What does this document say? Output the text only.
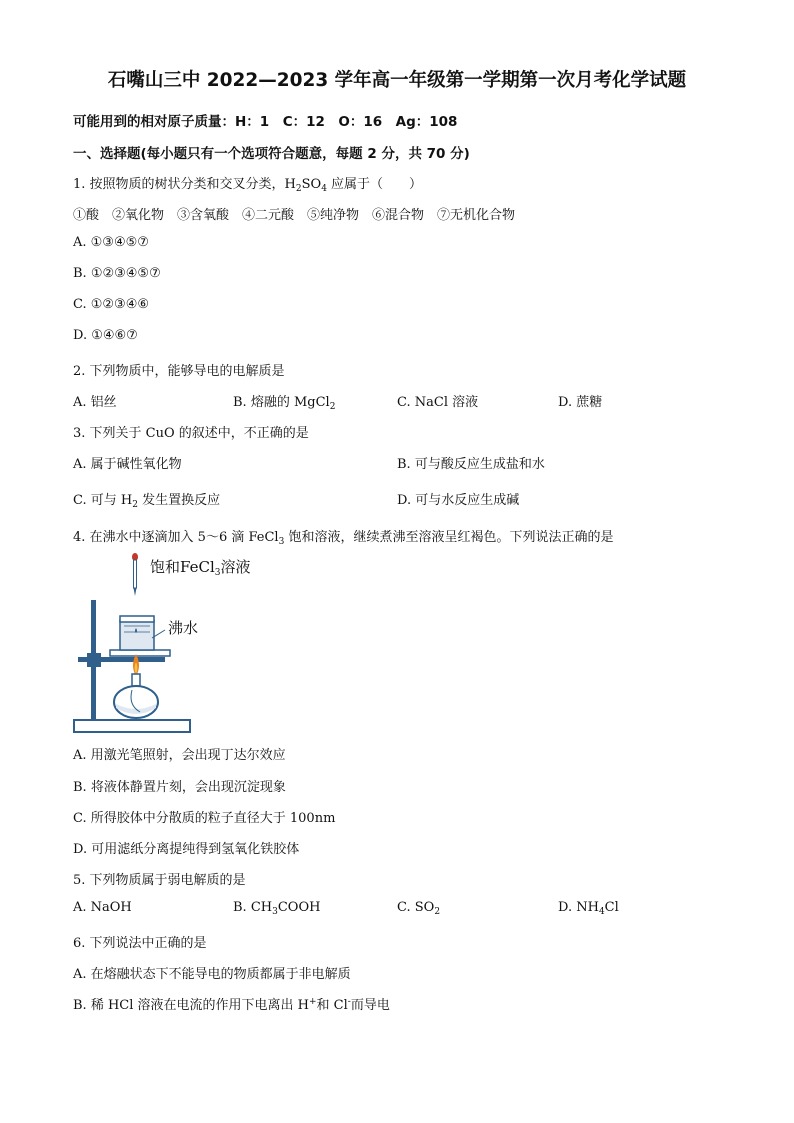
石嘴山三中 2022—2023 学年高一年级第一学期第一次月考化学试题
可能用到的相对原子质量：H：1　C：12　O：16　Ag：108
一、选择题(每小题只有一个选项符合题意，每题 2 分，共 70 分)
1. 按照物质的树状分类和交叉分类，$H_2SO_4$ 应属于（　　）
①酸　②氧化物　③含氧酸　④二元酸　⑤纯净物　⑥混合物　⑦无机化合物
A. ①③④⑤⑦
B. ①②③④⑤⑦
C. ①②③④⑥
D. ①④⑥⑦
2. 下列物质中，能够导电的电解质是
A. 铝丝	B. 熔融的 MgCl$_2$	C. NaCl 溶液	D. 蔗糖
3. 下列关于 CuO 的叙述中，不正确的是
A. 属于碱性氧化物	B. 可与酸反应生成盐和水
C. 可与 $H_2$ 发生置换反应	D. 可与水反应生成碱
4. 在沸水中逐滴加入 5～6 滴 FeCl$_3$ 饱和溶液，继续煮沸至溶液呈红褐色。下列说法正确的是
饱和FeCl$_3$溶液
沸水
A. 用激光笔照射，会出现丁达尔效应
B. 将液体静置片刻，会出现沉淀现象
C. 所得胶体中分散质的粒子直径大于 100nm
D. 可用滤纸分离提纯得到氢氧化铁胶体
5. 下列物质属于弱电解质的是
A. NaOH	B. $CH_3COOH$	C. $SO_2$	D. $NH_4Cl$
6. 下列说法中正确的是
A. 在熔融状态下不能导电的物质都属于非电解质
B. 稀 HCl 溶液在电流的作用下电离出 H+和 Cl-而导电
